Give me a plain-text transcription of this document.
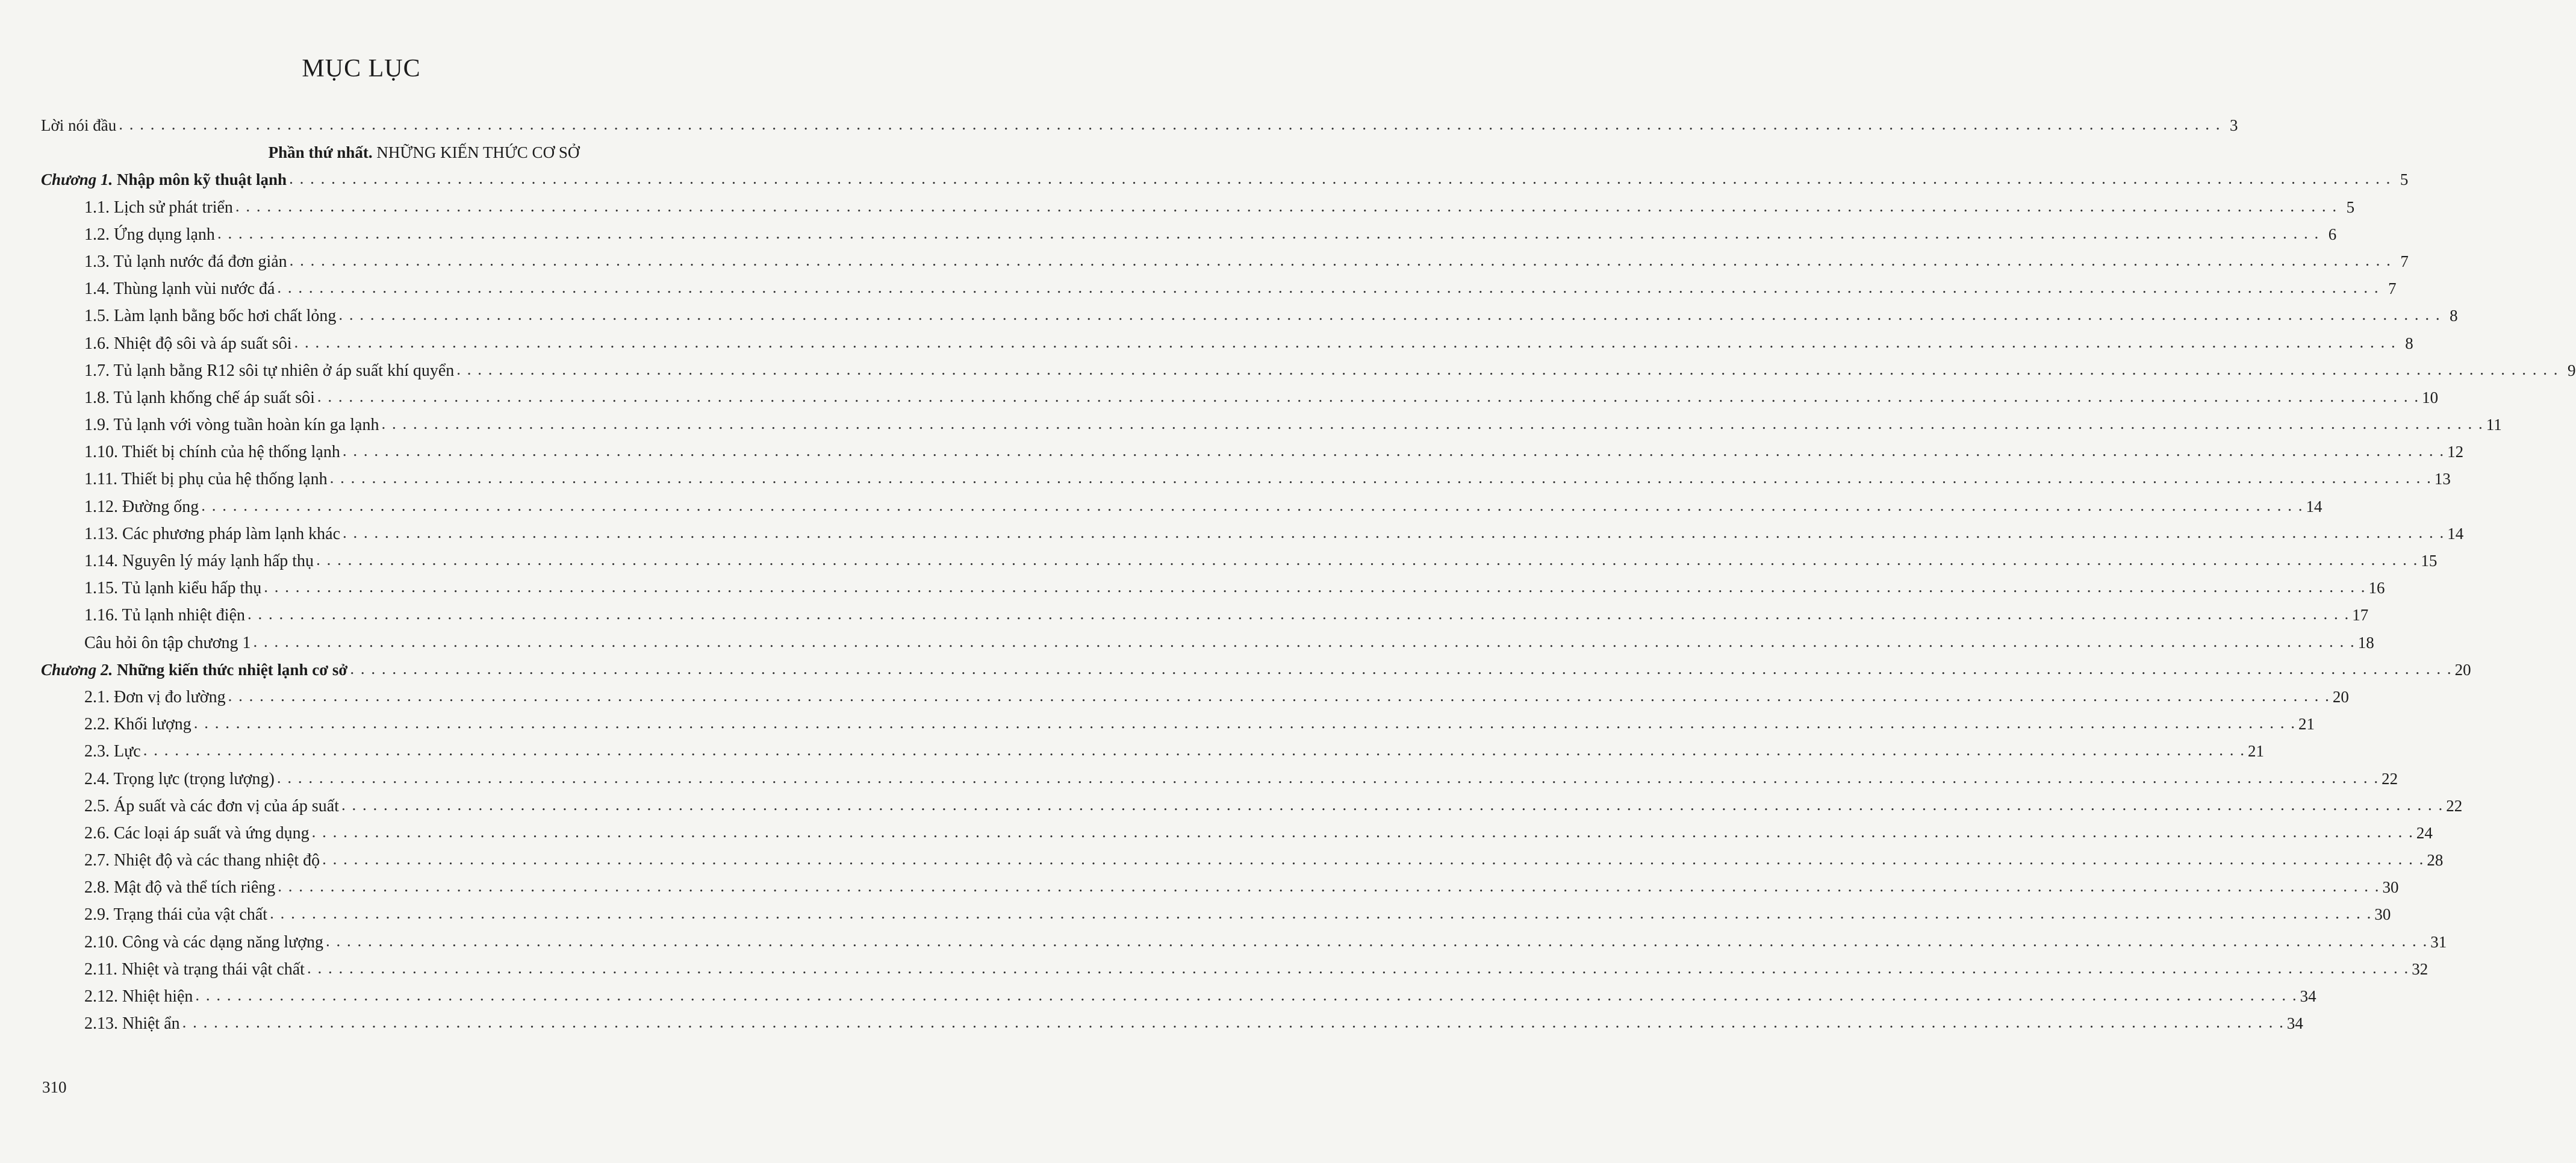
MỤC LỤC
Lời nói đầu . . . . . . . . . . . . . . . . . . . . . . . . . . . . . . . . . . . . . . . . . . . . . . . . . . . . . . . . . . . . . . . . . . . . . . . . . . . . . . . . . . . . . . . . . . . . . . . . . . . . . . . . . . . . . . . . . . . . . . . . . . . . . . . . . . . . . . . . . . . . . . . . . . . . . . . . . . . . . . . . . . . . . . . . . . . . . . . . . . . . . . . . . . . . . . . . . . . . . . . . 3
Phần thứ nhất.
NHỮNG KIẾN THỨC CƠ SỞ
Chương 1. Nhập môn kỹ thuật lạnh . . . . . . . . . . . . . . . . . . . . . . . . . . . . . . . . . . . . . . . . . . . . . . . . . . . . . . . . . . . . . . . . . . . . . . . . . . . . . . . . . . . . . . . . . . . . . . . . . . . . . . . . . . . . . . . . . . . . . . . . . . . . . . . . . . . . . . . . . . . . . . . . . . . . . . . . . . . . . . . . . . . . . . . . . . . . . . . . . . . . . . . . . . . . . . . . . . . . . . . . 5
1.1. Lịch sử phát triển . . . . . . . . . . . . . . . . . . . . . . . . . . . . . . . . . . . . . . . . . . . . . . . . . . . . . . . . . . . . . . . . . . . . . . . . . . . . . . . . . . . . . . . . . . . . . . . . . . . . . . . . . . . . . . . . . . . . . . . . . . . . . . . . . . . . . . . . . . . . . . . . . . . . . . . . . . . . . . . . . . . . . . . . . . . . . . . . . . . . . . . . . . . . . . . . . . . . . . . . 5
1.2. Ứng dụng lạnh . . . . . . . . . . . . . . . . . . . . . . . . . . . . . . . . . . . . . . . . . . . . . . . . . . . . . . . . . . . . . . . . . . . . . . . . . . . . . . . . . . . . . . . . . . . . . . . . . . . . . . . . . . . . . . . . . . . . . . . . . . . . . . . . . . . . . . . . . . . . . . . . . . . . . . . . . . . . . . . . . . . . . . . . . . . . . . . . . . . . . . . . . . . . . . . . . . . . . . . . 6
1.3. Tủ lạnh nước đá đơn giản . . . . . . . . . . . . . . . . . . . . . . . . . . . . . . . . . . . . . . . . . . . . . . . . . . . . . . . . . . . . . . . . . . . . . . . . . . . . . . . . . . . . . . . . . . . . . . . . . . . . . . . . . . . . . . . . . . . . . . . . . . . . . . . . . . . . . . . . . . . . . . . . . . . . . . . . . . . . . . . . . . . . . . . . . . . . . . . . . . . . . . . . . . . . . . . . . . . . . . . . 7
1.4. Thùng lạnh vùi nước đá . . . . . . . . . . . . . . . . . . . . . . . . . . . . . . . . . . . . . . . . . . . . . . . . . . . . . . . . . . . . . . . . . . . . . . . . . . . . . . . . . . . . . . . . . . . . . . . . . . . . . . . . . . . . . . . . . . . . . . . . . . . . . . . . . . . . . . . . . . . . . . . . . . . . . . . . . . . . . . . . . . . . . . . . . . . . . . . . . . . . . . . . . . . . . . . . . . . . . . . . 7
1.5. Làm lạnh bằng bốc hơi chất lỏng . . . . . . . . . . . . . . . . . . . . . . . . . . . . . . . . . . . . . . . . . . . . . . . . . . . . . . . . . . . . . . . . . . . . . . . . . . . . . . . . . . . . . . . . . . . . . . . . . . . . . . . . . . . . . . . . . . . . . . . . . . . . . . . . . . . . . . . . . . . . . . . . . . . . . . . . . . . . . . . . . . . . . . . . . . . . . . . . . . . . . . . . . . . . . . . . . . . . . . . . 8
1.6. Nhiệt độ sôi và áp suất sôi . . . . . . . . . . . . . . . . . . . . . . . . . . . . . . . . . . . . . . . . . . . . . . . . . . . . . . . . . . . . . . . . . . . . . . . . . . . . . . . . . . . . . . . . . . . . . . . . . . . . . . . . . . . . . . . . . . . . . . . . . . . . . . . . . . . . . . . . . . . . . . . . . . . . . . . . . . . . . . . . . . . . . . . . . . . . . . . . . . . . . . . . . . . . . . . . . . . . . . . . 8
1.7. Tủ lạnh bằng R12 sôi tự nhiên ở áp suất khí quyển . . . . . . . . . . . . . . . . . . . . . . . . . . . . . . . . . . . . . . . . . . . . . . . . . . . . . . . . . . . . . . . . . . . . . . . . . . . . . . . . . . . . . . . . . . . . . . . . . . . . . . . . . . . . . . . . . . . . . . . . . . . . . . . . . . . . . . . . . . . . . . . . . . . . . . . . . . . . . . . . . . . . . . . . . . . . . . . . . . . . . . . . . . . . . . . . . . . . . . . . 9
1.8. Tủ lạnh khống chế áp suất sôi . . . . . . . . . . . . . . . . . . . . . . . . . . . . . . . . . . . . . . . . . . . . . . . . . . . . . . . . . . . . . . . . . . . . . . . . . . . . . . . . . . . . . . . . . . . . . . . . . . . . . . . . . . . . . . . . . . . . . . . . . . . . . . . . . . . . . . . . . . . . . . . . . . . . . . . . . . . . . . . . . . . . . . . . . . . . . . . . . . . . . . . . . . . . . . . . . . . . . . . . 10
1.9. Tủ lạnh với vòng tuần hoàn kín ga lạnh . . . . . . . . . . . . . . . . . . . . . . . . . . . . . . . . . . . . . . . . . . . . . . . . . . . . . . . . . . . . . . . . . . . . . . . . . . . . . . . . . . . . . . . . . . . . . . . . . . . . . . . . . . . . . . . . . . . . . . . . . . . . . . . . . . . . . . . . . . . . . . . . . . . . . . . . . . . . . . . . . . . . . . . . . . . . . . . . . . . . . . . . . . . . . . . . . . . . . . . . 11
1.10. Thiết bị chính của hệ thống lạnh . . . . . . . . . . . . . . . . . . . . . . . . . . . . . . . . . . . . . . . . . . . . . . . . . . . . . . . . . . . . . . . . . . . . . . . . . . . . . . . . . . . . . . . . . . . . . . . . . . . . . . . . . . . . . . . . . . . . . . . . . . . . . . . . . . . . . . . . . . . . . . . . . . . . . . . . . . . . . . . . . . . . . . . . . . . . . . . . . . . . . . . . . . . . . . . . . . . . . . . . 12
1.11. Thiết bị phụ của hệ thống lạnh . . . . . . . . . . . . . . . . . . . . . . . . . . . . . . . . . . . . . . . . . . . . . . . . . . . . . . . . . . . . . . . . . . . . . . . . . . . . . . . . . . . . . . . . . . . . . . . . . . . . . . . . . . . . . . . . . . . . . . . . . . . . . . . . . . . . . . . . . . . . . . . . . . . . . . . . . . . . . . . . . . . . . . . . . . . . . . . . . . . . . . . . . . . . . . . . . . . . . . . . 13
1.12. Đường ống . . . . . . . . . . . . . . . . . . . . . . . . . . . . . . . . . . . . . . . . . . . . . . . . . . . . . . . . . . . . . . . . . . . . . . . . . . . . . . . . . . . . . . . . . . . . . . . . . . . . . . . . . . . . . . . . . . . . . . . . . . . . . . . . . . . . . . . . . . . . . . . . . . . . . . . . . . . . . . . . . . . . . . . . . . . . . . . . . . . . . . . . . . . . . . . . . . . . . . . . 14
1.13. Các phương pháp làm lạnh khác . . . . . . . . . . . . . . . . . . . . . . . . . . . . . . . . . . . . . . . . . . . . . . . . . . . . . . . . . . . . . . . . . . . . . . . . . . . . . . . . . . . . . . . . . . . . . . . . . . . . . . . . . . . . . . . . . . . . . . . . . . . . . . . . . . . . . . . . . . . . . . . . . . . . . . . . . . . . . . . . . . . . . . . . . . . . . . . . . . . . . . . . . . . . . . . . . . . . . . . . 14
1.14. Nguyên lý máy lạnh hấp thụ . . . . . . . . . . . . . . . . . . . . . . . . . . . . . . . . . . . . . . . . . . . . . . . . . . . . . . . . . . . . . . . . . . . . . . . . . . . . . . . . . . . . . . . . . . . . . . . . . . . . . . . . . . . . . . . . . . . . . . . . . . . . . . . . . . . . . . . . . . . . . . . . . . . . . . . . . . . . . . . . . . . . . . . . . . . . . . . . . . . . . . . . . . . . . . . . . . . . . . . . 15
1.15. Tủ lạnh kiểu hấp thụ . . . . . . . . . . . . . . . . . . . . . . . . . . . . . . . . . . . . . . . . . . . . . . . . . . . . . . . . . . . . . . . . . . . . . . . . . . . . . . . . . . . . . . . . . . . . . . . . . . . . . . . . . . . . . . . . . . . . . . . . . . . . . . . . . . . . . . . . . . . . . . . . . . . . . . . . . . . . . . . . . . . . . . . . . . . . . . . . . . . . . . . . . . . . . . . . . . . . . . . . 16
1.16. Tủ lạnh nhiệt điện . . . . . . . . . . . . . . . . . . . . . . . . . . . . . . . . . . . . . . . . . . . . . . . . . . . . . . . . . . . . . . . . . . . . . . . . . . . . . . . . . . . . . . . . . . . . . . . . . . . . . . . . . . . . . . . . . . . . . . . . . . . . . . . . . . . . . . . . . . . . . . . . . . . . . . . . . . . . . . . . . . . . . . . . . . . . . . . . . . . . . . . . . . . . . . . . . . . . . . . . 17
Câu hỏi ôn tập chương 1 . . . . . . . . . . . . . . . . . . . . . . . . . . . . . . . . . . . . . . . . . . . . . . . . . . . . . . . . . . . . . . . . . . . . . . . . . . . . . . . . . . . . . . . . . . . . . . . . . . . . . . . . . . . . . . . . . . . . . . . . . . . . . . . . . . . . . . . . . . . . . . . . . . . . . . . . . . . . . . . . . . . . . . . . . . . . . . . . . . . . . . . . . . . . . . . . . . . . . . . . 18
Chương 2. Những kiến thức nhiệt lạnh cơ sở . . . . . . . . . . . . . . . . . . . . . . . . . . . . . . . . . . . . . . . . . . . . . . . . . . . . . . . . . . . . . . . . . . . . . . . . . . . . . . . . . . . . . . . . . . . . . . . . . . . . . . . . . . . . . . . . . . . . . . . . . . . . . . . . . . . . . . . . . . . . . . . . . . . . . . . . . . . . . . . . . . . . . . . . . . . . . . . . . . . . . . . . . . . . . . . . . . . . . . . . 20
2.1. Đơn vị đo lường . . . . . . . . . . . . . . . . . . . . . . . . . . . . . . . . . . . . . . . . . . . . . . . . . . . . . . . . . . . . . . . . . . . . . . . . . . . . . . . . . . . . . . . . . . . . . . . . . . . . . . . . . . . . . . . . . . . . . . . . . . . . . . . . . . . . . . . . . . . . . . . . . . . . . . . . . . . . . . . . . . . . . . . . . . . . . . . . . . . . . . . . . . . . . . . . . . . . . . . . 20
2.2. Khối lượng . . . . . . . . . . . . . . . . . . . . . . . . . . . . . . . . . . . . . . . . . . . . . . . . . . . . . . . . . . . . . . . . . . . . . . . . . . . . . . . . . . . . . . . . . . . . . . . . . . . . . . . . . . . . . . . . . . . . . . . . . . . . . . . . . . . . . . . . . . . . . . . . . . . . . . . . . . . . . . . . . . . . . . . . . . . . . . . . . . . . . . . . . . . . . . . . . . . . . . . . 21
2.3. Lực . . . . . . . . . . . . . . . . . . . . . . . . . . . . . . . . . . . . . . . . . . . . . . . . . . . . . . . . . . . . . . . . . . . . . . . . . . . . . . . . . . . . . . . . . . . . . . . . . . . . . . . . . . . . . . . . . . . . . . . . . . . . . . . . . . . . . . . . . . . . . . . . . . . . . . . . . . . . . . . . . . . . . . . . . . . . . . . . . . . . . . . . . . . . . . . . . . . . . . . . 21
2.4. Trọng lực (trọng lượng) . . . . . . . . . . . . . . . . . . . . . . . . . . . . . . . . . . . . . . . . . . . . . . . . . . . . . . . . . . . . . . . . . . . . . . . . . . . . . . . . . . . . . . . . . . . . . . . . . . . . . . . . . . . . . . . . . . . . . . . . . . . . . . . . . . . . . . . . . . . . . . . . . . . . . . . . . . . . . . . . . . . . . . . . . . . . . . . . . . . . . . . . . . . . . . . . . . . . . . . . 22
2.5. Áp suất và các đơn vị của áp suất . . . . . . . . . . . . . . . . . . . . . . . . . . . . . . . . . . . . . . . . . . . . . . . . . . . . . . . . . . . . . . . . . . . . . . . . . . . . . . . . . . . . . . . . . . . . . . . . . . . . . . . . . . . . . . . . . . . . . . . . . . . . . . . . . . . . . . . . . . . . . . . . . . . . . . . . . . . . . . . . . . . . . . . . . . . . . . . . . . . . . . . . . . . . . . . . . . . . . . . . 22
2.6. Các loại áp suất và ứng dụng . . . . . . . . . . . . . . . . . . . . . . . . . . . . . . . . . . . . . . . . . . . . . . . . . . . . . . . . . . . . . . . . . . . . . . . . . . . . . . . . . . . . . . . . . . . . . . . . . . . . . . . . . . . . . . . . . . . . . . . . . . . . . . . . . . . . . . . . . . . . . . . . . . . . . . . . . . . . . . . . . . . . . . . . . . . . . . . . . . . . . . . . . . . . . . . . . . . . . . . . 24
2.7. Nhiệt độ và các thang nhiệt độ . . . . . . . . . . . . . . . . . . . . . . . . . . . . . . . . . . . . . . . . . . . . . . . . . . . . . . . . . . . . . . . . . . . . . . . . . . . . . . . . . . . . . . . . . . . . . . . . . . . . . . . . . . . . . . . . . . . . . . . . . . . . . . . . . . . . . . . . . . . . . . . . . . . . . . . . . . . . . . . . . . . . . . . . . . . . . . . . . . . . . . . . . . . . . . . . . . . . . . . . 28
2.8. Mật độ và thể tích riêng . . . . . . . . . . . . . . . . . . . . . . . . . . . . . . . . . . . . . . . . . . . . . . . . . . . . . . . . . . . . . . . . . . . . . . . . . . . . . . . . . . . . . . . . . . . . . . . . . . . . . . . . . . . . . . . . . . . . . . . . . . . . . . . . . . . . . . . . . . . . . . . . . . . . . . . . . . . . . . . . . . . . . . . . . . . . . . . . . . . . . . . . . . . . . . . . . . . . . . . . 30
2.9. Trạng thái của vật chất . . . . . . . . . . . . . . . . . . . . . . . . . . . . . . . . . . . . . . . . . . . . . . . . . . . . . . . . . . . . . . . . . . . . . . . . . . . . . . . . . . . . . . . . . . . . . . . . . . . . . . . . . . . . . . . . . . . . . . . . . . . . . . . . . . . . . . . . . . . . . . . . . . . . . . . . . . . . . . . . . . . . . . . . . . . . . . . . . . . . . . . . . . . . . . . . . . . . . . . . 30
2.10. Công và các dạng năng lượng . . . . . . . . . . . . . . . . . . . . . . . . . . . . . . . . . . . . . . . . . . . . . . . . . . . . . . . . . . . . . . . . . . . . . . . . . . . . . . . . . . . . . . . . . . . . . . . . . . . . . . . . . . . . . . . . . . . . . . . . . . . . . . . . . . . . . . . . . . . . . . . . . . . . . . . . . . . . . . . . . . . . . . . . . . . . . . . . . . . . . . . . . . . . . . . . . . . . . . . . 31
2.11. Nhiệt và trạng thái vật chất . . . . . . . . . . . . . . . . . . . . . . . . . . . . . . . . . . . . . . . . . . . . . . . . . . . . . . . . . . . . . . . . . . . . . . . . . . . . . . . . . . . . . . . . . . . . . . . . . . . . . . . . . . . . . . . . . . . . . . . . . . . . . . . . . . . . . . . . . . . . . . . . . . . . . . . . . . . . . . . . . . . . . . . . . . . . . . . . . . . . . . . . . . . . . . . . . . . . . . . . 32
2.12. Nhiệt hiện . . . . . . . . . . . . . . . . . . . . . . . . . . . . . . . . . . . . . . . . . . . . . . . . . . . . . . . . . . . . . . . . . . . . . . . . . . . . . . . . . . . . . . . . . . . . . . . . . . . . . . . . . . . . . . . . . . . . . . . . . . . . . . . . . . . . . . . . . . . . . . . . . . . . . . . . . . . . . . . . . . . . . . . . . . . . . . . . . . . . . . . . . . . . . . . . . . . . . . . . 34
2.13. Nhiệt ẩn . . . . . . . . . . . . . . . . . . . . . . . . . . . . . . . . . . . . . . . . . . . . . . . . . . . . . . . . . . . . . . . . . . . . . . . . . . . . . . . . . . . . . . . . . . . . . . . . . . . . . . . . . . . . . . . . . . . . . . . . . . . . . . . . . . . . . . . . . . . . . . . . . . . . . . . . . . . . . . . . . . . . . . . . . . . . . . . . . . . . . . . . . . . . . . . . . . . . . . . . 34
310
